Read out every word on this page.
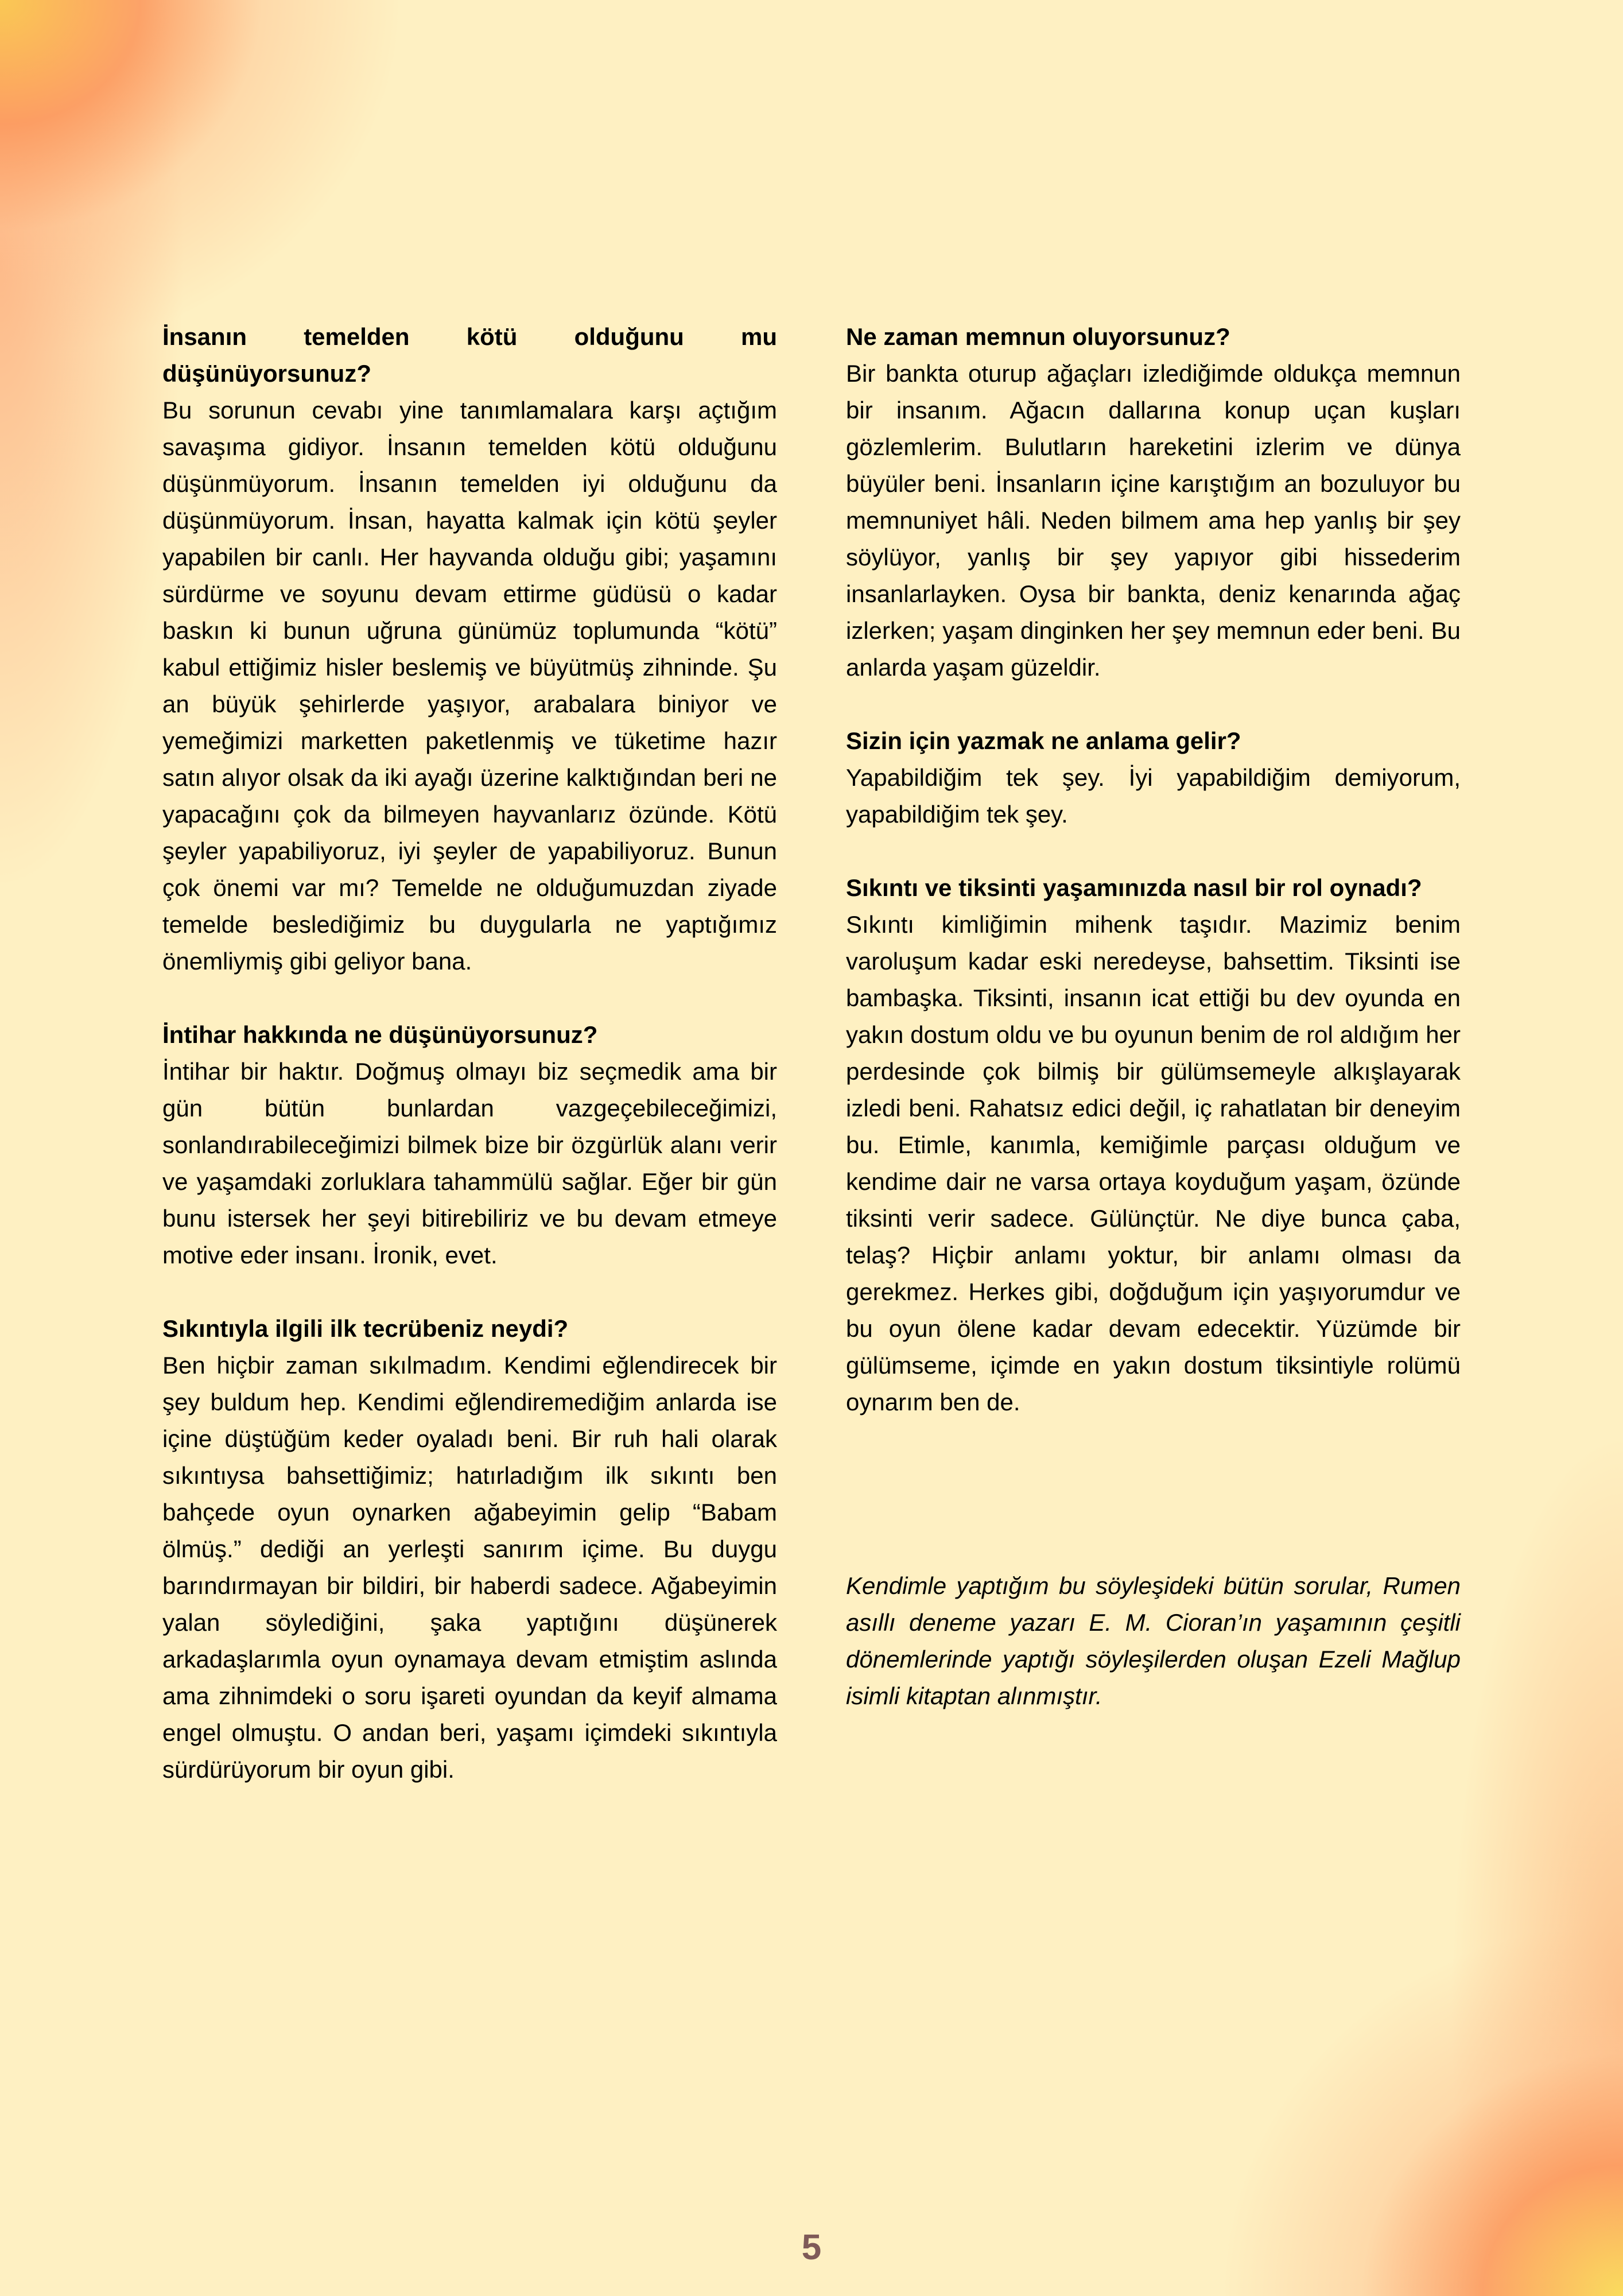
İnsanın temelden kötü olduğunu mu düşünüyorsunuz?

Bu sorunun cevabı yine tanımlamalara karşı açtığım savaşıma gidiyor. İnsanın temelden kötü olduğunu düşünmüyorum. İnsanın temelden iyi olduğunu da düşünmüyorum. İnsan, hayatta kalmak için kötü şeyler yapabilen bir canlı. Her hayvanda olduğu gibi; yaşamını sürdürme ve soyunu devam ettirme güdüsü o kadar baskın ki bunun uğruna günümüz toplumunda “kötü” kabul ettiğimiz hisler beslemiş ve büyütmüş zihninde. Şu an büyük şehirlerde yaşıyor, arabalara biniyor ve yemeğimizi marketten paketlenmiş ve tüketime hazır satın alıyor olsak da iki ayağı üzerine kalktığından beri ne yapacağını çok da bilmeyen hayvanlarız özünde. Kötü şeyler yapabiliyoruz, iyi şeyler de yapabiliyoruz. Bunun çok önemi var mı? Temelde ne olduğumuzdan ziyade temelde beslediğimiz bu duygularla ne yaptığımız önemliymiş gibi geliyor bana.

İntihar hakkında ne düşünüyorsunuz?

İntihar bir haktır. Doğmuş olmayı biz seçmedik ama bir gün bütün bunlardan vazgeçebileceğimizi, sonlandırabileceğimizi bilmek bize bir özgürlük alanı verir ve yaşamdaki zorluklara tahammülü sağlar. Eğer bir gün bunu istersek her şeyi bitirebiliriz ve bu devam etmeye motive eder insanı. İronik, evet.

Sıkıntıyla ilgili ilk tecrübeniz neydi?

Ben hiçbir zaman sıkılmadım. Kendimi eğlendirecek bir şey buldum hep. Kendimi eğlendiremediğim anlarda ise içine düştüğüm keder oyaladı beni. Bir ruh hali olarak sıkıntıysa bahsettiğimiz; hatırladığım ilk sıkıntı ben bahçede oyun oynarken ağabeyimin gelip “Babam ölmüş.” dediği an yerleşti sanırım içime. Bu duygu barındırmayan bir bildiri, bir haberdi sadece. Ağabeyimin yalan söylediğini, şaka yaptığını düşünerek arkadaşlarımla oyun oynamaya devam etmiştim aslında ama zihnimdeki o soru işareti oyundan da keyif almama engel olmuştu. O andan beri, yaşamı içimdeki sıkıntıyla sürdürüyorum bir oyun gibi.

Ne zaman memnun oluyorsunuz?

Bir bankta oturup ağaçları izlediğimde oldukça memnun bir insanım. Ağacın dallarına konup uçan kuşları gözlemlerim. Bulutların hareketini izlerim ve dünya büyüler beni. İnsanların içine karıştığım an bozuluyor bu memnuniyet hâli. Neden bilmem ama hep yanlış bir şey söylüyor, yanlış bir şey yapıyor gibi hissederim insanlarlayken. Oysa bir bankta, deniz kenarında ağaç izlerken; yaşam dinginken her şey memnun eder beni. Bu anlarda yaşam güzeldir.

Sizin için yazmak ne anlama gelir?

Yapabildiğim tek şey. İyi yapabildiğim demiyorum, yapabildiğim tek şey.

Sıkıntı ve tiksinti yaşamınızda nasıl bir rol oynadı?

Sıkıntı kimliğimin mihenk taşıdır. Mazimiz benim varoluşum kadar eski neredeyse, bahsettim. Tiksinti ise bambaşka. Tiksinti, insanın icat ettiği bu dev oyunda en yakın dostum oldu ve bu oyunun benim de rol aldığım her perdesinde çok bilmiş bir gülümsemeyle alkışlayarak izledi beni. Rahatsız edici değil, iç rahatlatan bir deneyim bu. Etimle, kanımla, kemiğimle parçası olduğum ve kendime dair ne varsa ortaya koyduğum yaşam, özünde tiksinti verir sadece. Gülünçtür. Ne diye bunca çaba, telaş? Hiçbir anlamı yoktur, bir anlamı olması da gerekmez. Herkes gibi, doğduğum için yaşıyorumdur ve bu oyun ölene kadar devam edecektir. Yüzümde bir gülümseme, içimde en yakın dostum tiksintiyle rolümü oynarım ben de.

Kendimle yaptığım bu söyleşideki bütün sorular, Rumen asıllı deneme yazarı E. M. Cioran’ın yaşamının çeşitli dönemlerinde yaptığı söyleşilerden oluşan Ezeli Mağlup isimli kitaptan alınmıştır.

5
